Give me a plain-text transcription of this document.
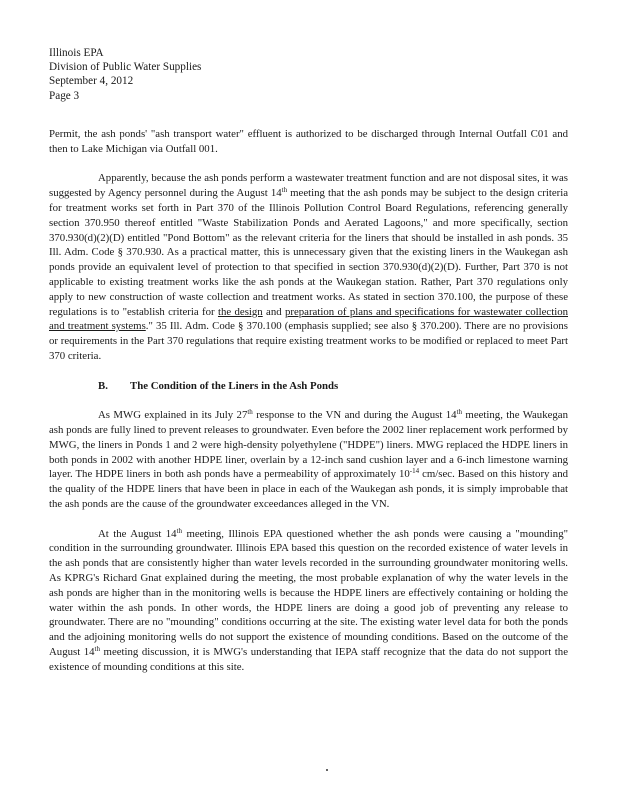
Illinois EPA
Division of Public Water Supplies
September 4, 2012
Page 3

Permit, the ash ponds' "ash transport water" effluent is authorized to be discharged through Internal Outfall C01 and then to Lake Michigan via Outfall 001.

Apparently, because the ash ponds perform a wastewater treatment function and are not disposal sites, it was suggested by Agency personnel during the August 14th meeting that the ash ponds may be subject to the design criteria for treatment works set forth in Part 370 of the Illinois Pollution Control Board Regulations, referencing generally section 370.950 thereof entitled "Waste Stabilization Ponds and Aerated Lagoons," and more specifically, section 370.930(d)(2)(D) entitled "Pond Bottom" as the relevant criteria for the liners that should be installed in ash ponds. 35 Ill. Adm. Code § 370.930. As a practical matter, this is unnecessary given that the existing liners in the Waukegan ash ponds provide an equivalent level of protection to that specified in section 370.930(d)(2)(D). Further, Part 370 is not applicable to existing treatment works like the ash ponds at the Waukegan station. Rather, Part 370 regulations only apply to new construction of waste collection and treatment works. As stated in section 370.100, the purpose of these regulations is to "establish criteria for the design and preparation of plans and specifications for wastewater collection and treatment systems." 35 Ill. Adm. Code § 370.100 (emphasis supplied; see also § 370.200). There are no provisions or requirements in the Part 370 regulations that require existing treatment works to be modified or replaced to meet Part 370 criteria.

B. The Condition of the Liners in the Ash Ponds

As MWG explained in its July 27th response to the VN and during the August 14th meeting, the Waukegan ash ponds are fully lined to prevent releases to groundwater. Even before the 2002 liner replacement work performed by MWG, the liners in Ponds 1 and 2 were high-density polyethylene ("HDPE") liners. MWG replaced the HDPE liners in both ponds in 2002 with another HDPE liner, overlain by a 12-inch sand cushion layer and a 6-inch limestone warning layer. The HDPE liners in both ash ponds have a permeability of approximately $10^{-14}$ cm/sec. Based on this history and the quality of the HDPE liners that have been in place in each of the Waukegan ash ponds, it is simply improbable that the ash ponds are the cause of the groundwater exceedances alleged in the VN.

At the August 14th meeting, Illinois EPA questioned whether the ash ponds were causing a "mounding" condition in the surrounding groundwater. Illinois EPA based this question on the recorded existence of water levels in the ash ponds that are consistently higher than water levels recorded in the surrounding groundwater monitoring wells. As KPRG's Richard Gnat explained during the meeting, the most probable explanation of why the water levels in the ash ponds are higher than in the monitoring wells is because the HDPE liners are effectively containing or holding the water within the ash ponds. In other words, the HDPE liners are doing a good job of preventing any release to groundwater. There are no "mounding" conditions occurring at the site. The existing water level data for both the ponds and the adjoining monitoring wells do not support the existence of mounding conditions. Based on the outcome of the August 14th meeting discussion, it is MWG's understanding that IEPA staff recognize that the data do not support the existence of mounding conditions at this site.
